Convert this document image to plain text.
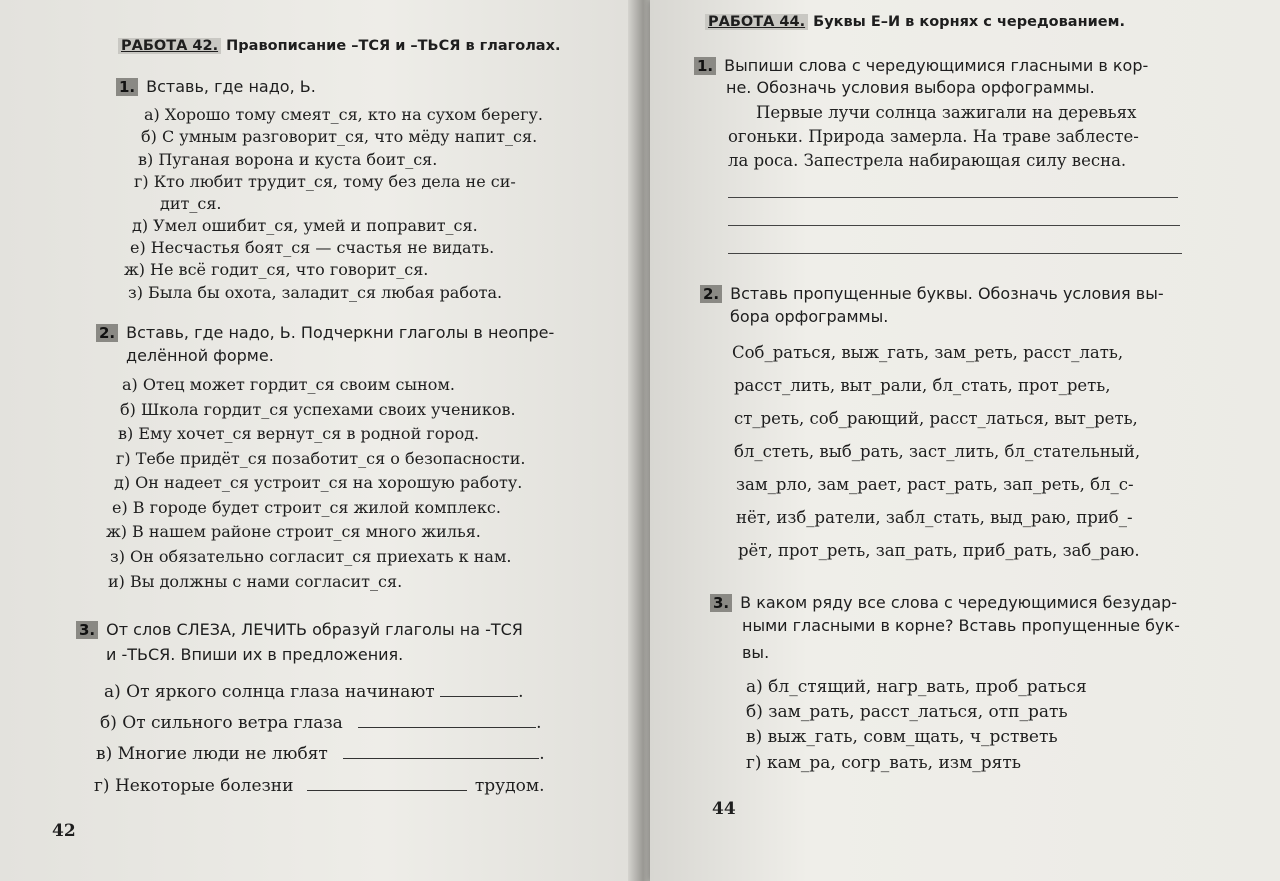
РАБОТА 42. Правописание –ТСЯ и –ТЬСЯ в глаголах.
1. Вставь, где надо, Ь.
а) Хорошо тому смеят_ся, кто на сухом берегу.
б) С умным разговорит_ся, что мёду напит_ся.
в) Пуганая ворона и куста боит_ся.
г) Кто любит трудит_ся, тому без дела не си-
дит_ся.
д) Умел ошибит_ся, умей и поправит_ся.
е) Несчастья боят_ся — счастья не видать.
ж) Не всё годит_ся, что говорит_ся.
з) Была бы охота, заладит_ся любая работа.
2. Вставь, где надо, Ь. Подчеркни глаголы в неопре-
делённой форме.
а) Отец может гордит_ся своим сыном.
б) Школа гордит_ся успехами своих учеников.
в) Ему хочет_ся вернут_ся в родной город.
г) Тебе придёт_ся позаботит_ся о безопасности.
д) Он надеет_ся устроит_ся на хорошую работу.
е) В городе будет строит_ся жилой комплекс.
ж) В нашем районе строит_ся много жилья.
з) Он обязательно согласит_ся приехать к нам.
и) Вы должны с нами согласит_ся.
3. От слов СЛЕЗА, ЛЕЧИТЬ образуй глаголы на -ТСЯ
и -ТЬСЯ. Впиши их в предложения.
а) От яркого солнца глаза начинают	.
б) От сильного ветра глаза	.
в) Многие люди не любят	.
г) Некоторые болезни	трудом.
42
РАБОТА 44. Буквы Е–И в корнях с чередованием.
1. Выпиши слова с чередующимися гласными в кор-
не. Обозначь условия выбора орфограммы.
Первые лучи солнца зажигали на деревьях
огоньки. Природа замерла. На траве заблесте-
ла роса. Запестрела набирающая силу весна.
2. Вставь пропущенные буквы. Обозначь условия вы-
бора орфограммы.
Соб_раться, выж_гать, зам_реть, расст_лать,
расст_лить, выт_рали, бл_стать, прот_реть,
ст_реть, соб_рающий, расст_латься, выт_реть,
бл_стеть, выб_рать, заст_лить, бл_стательный,
зам_рло, зам_рает, раст_рать, зап_реть, бл_с-
нёт, изб_ратели, забл_стать, выд_раю, приб_-
рёт, прот_реть, зап_рать, приб_рать, заб_раю.
3. В каком ряду все слова с чередующимися безудар-
ными гласными в корне? Вставь пропущенные бук-
вы.
а) бл_стящий, нагр_вать, проб_раться
б) зам_рать, расст_латься, отп_рать
в) выж_гать, совм_щать, ч_рстветь
г) кам_ра, согр_вать, изм_рять
44
